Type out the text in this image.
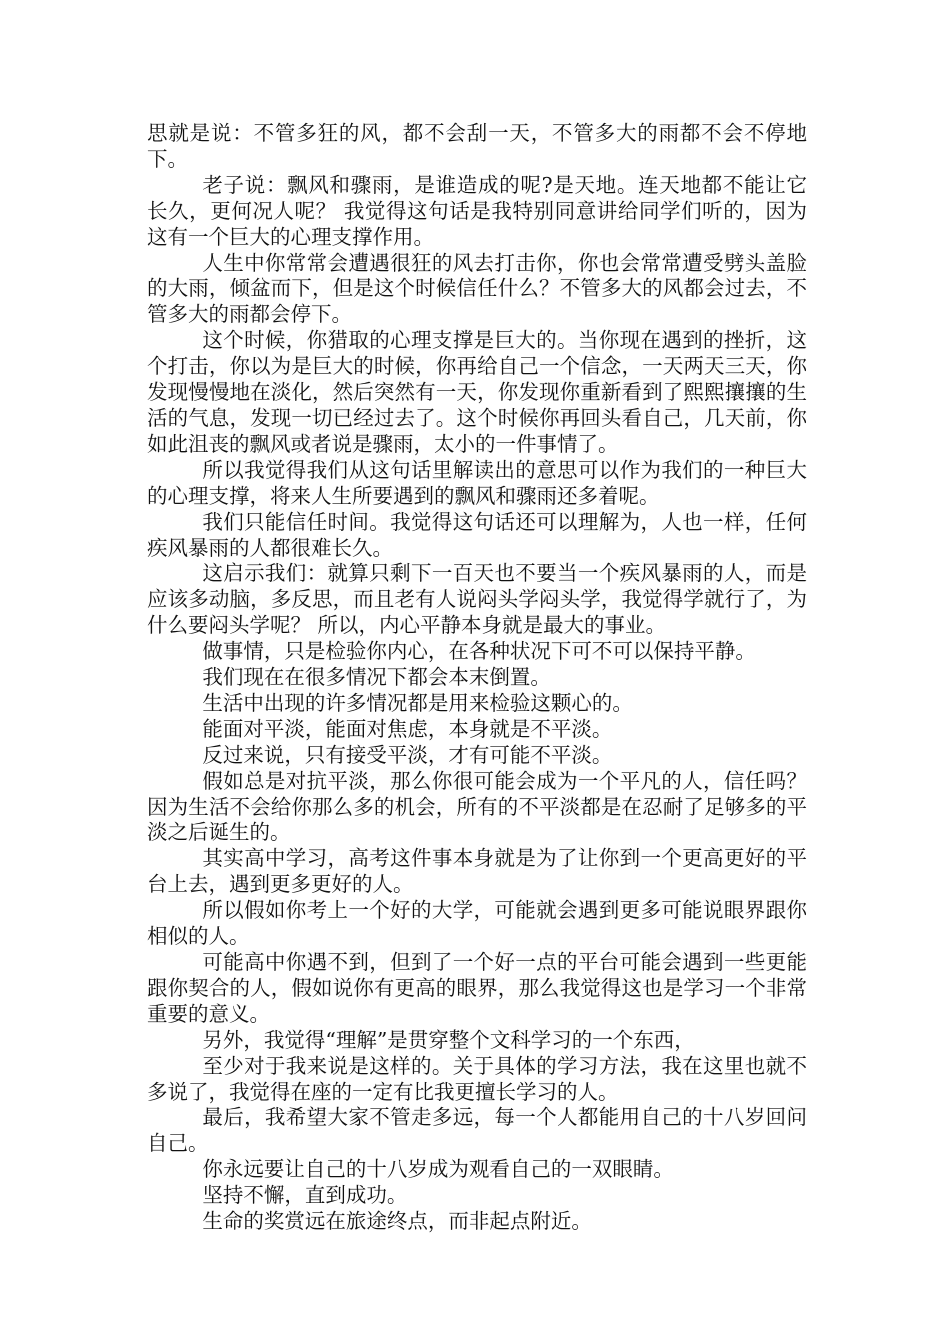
思就是说：不管多狂的风，都不会刮一天，不管多大的雨都不会不停地下。

老子说：飘风和骤雨，是谁造成的呢?是天地。连天地都不能让它长久，更何况人呢？ 我觉得这句话是我特别同意讲给同学们听的，因为这有一个巨大的心理支撑作用。

人生中你常常会遭遇很狂的风去打击你，你也会常常遭受劈头盖脸的大雨，倾盆而下，但是这个时候信任什么？不管多大的风都会过去，不管多大的雨都会停下。

这个时候，你猎取的心理支撑是巨大的。当你现在遇到的挫折，这个打击，你以为是巨大的时候，你再给自己一个信念，一天两天三天，你发现慢慢地在淡化，然后突然有一天，你发现你重新看到了熙熙攘攘的生活的气息，发现一切已经过去了。这个时候你再回头看自己，几天前，你如此沮丧的飘风或者说是骤雨，太小的一件事情了。

所以我觉得我们从这句话里解读出的意思可以作为我们的一种巨大的心理支撑，将来人生所要遇到的飘风和骤雨还多着呢。

我们只能信任时间。我觉得这句话还可以理解为，人也一样，任何疾风暴雨的人都很难长久。

这启示我们：就算只剩下一百天也不要当一个疾风暴雨的人，而是应该多动脑，多反思，而且老有人说闷头学闷头学，我觉得学就行了，为什么要闷头学呢？ 所以，内心平静本身就是最大的事业。

做事情，只是检验你内心，在各种状况下可不可以保持平静。

我们现在在很多情况下都会本末倒置。

生活中出现的许多情况都是用来检验这颗心的。

能面对平淡，能面对焦虑，本身就是不平淡。

反过来说，只有接受平淡，才有可能不平淡。

假如总是对抗平淡，那么你很可能会成为一个平凡的人，信任吗？ 因为生活不会给你那么多的机会，所有的不平淡都是在忍耐了足够多的平淡之后诞生的。

其实高中学习，高考这件事本身就是为了让你到一个更高更好的平台上去，遇到更多更好的人。

所以假如你考上一个好的大学，可能就会遇到更多可能说眼界跟你相似的人。

可能高中你遇不到，但到了一个好一点的平台可能会遇到一些更能跟你契合的人，假如说你有更高的眼界，那么我觉得这也是学习一个非常重要的意义。

另外，我觉得“理解”是贯穿整个文科学习的一个东西，

至少对于我来说是这样的。关于具体的学习方法，我在这里也就不多说了，我觉得在座的一定有比我更擅长学习的人。

最后，我希望大家不管走多远，每一个人都能用自己的十八岁回问自己。

你永远要让自己的十八岁成为观看自己的一双眼睛。

坚持不懈，直到成功。

生命的奖赏远在旅途终点，而非起点附近。
